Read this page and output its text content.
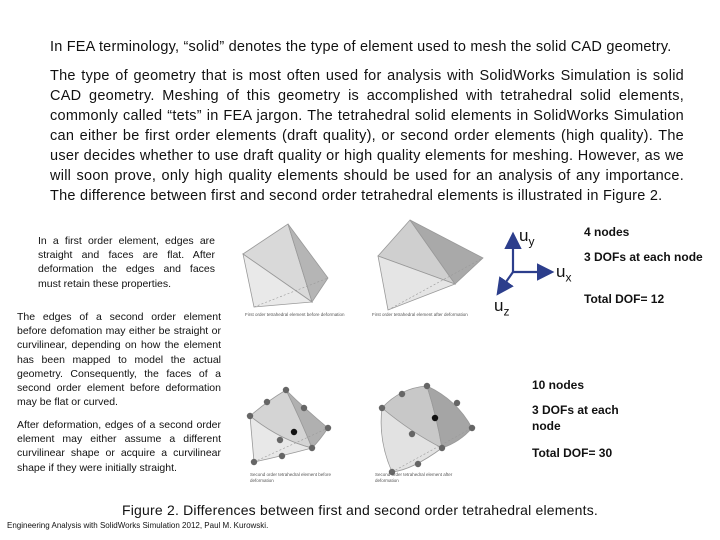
In FEA terminology, “solid” denotes the type of element used to mesh the solid CAD geometry.
The type of geometry that is most often used for analysis with SolidWorks Simulation is solid CAD geometry. Meshing of this geometry is accomplished with tetrahedral solid elements, commonly called “tets” in FEA jargon. The tetrahedral solid elements in SolidWorks Simulation can either be first order elements (draft quality), or second order elements (high quality). The user decides whether to use draft quality or high quality elements for meshing. However, as we will soon prove, only high quality elements should be used for an analysis of any importance. The difference between first and second order tetrahedral elements is illustrated in Figure 2.
In a first order element, edges are straight and faces are flat. After deformation the edges and faces must retain these properties.
The edges of a second order element before defomation may either be straight or curvilinear, depending on how the element has been mapped to model the actual geometry. Consequently, the faces of a second order element before deformation may be flat or curved.
After deformation, edges of a second order element may either assume a different curvilinear shape or acquire a curvilinear shape if they were initially straight.
First order tetrahedral element before deformation	First order tetrahedral element after deformation
Second order tetrahedral element before deformation
Second order tetrahedral element after deformation
$u_y$
$u_x$
$u_z$
4 nodes
3 DOFs at each node
Total DOF= 12
10 nodes
3 DOFs at each node
Total DOF= 30
Figure 2. Differences between first and second order tetrahedral elements.
Engineering Analysis with SolidWorks Simulation 2012, Paul M. Kurowski.
